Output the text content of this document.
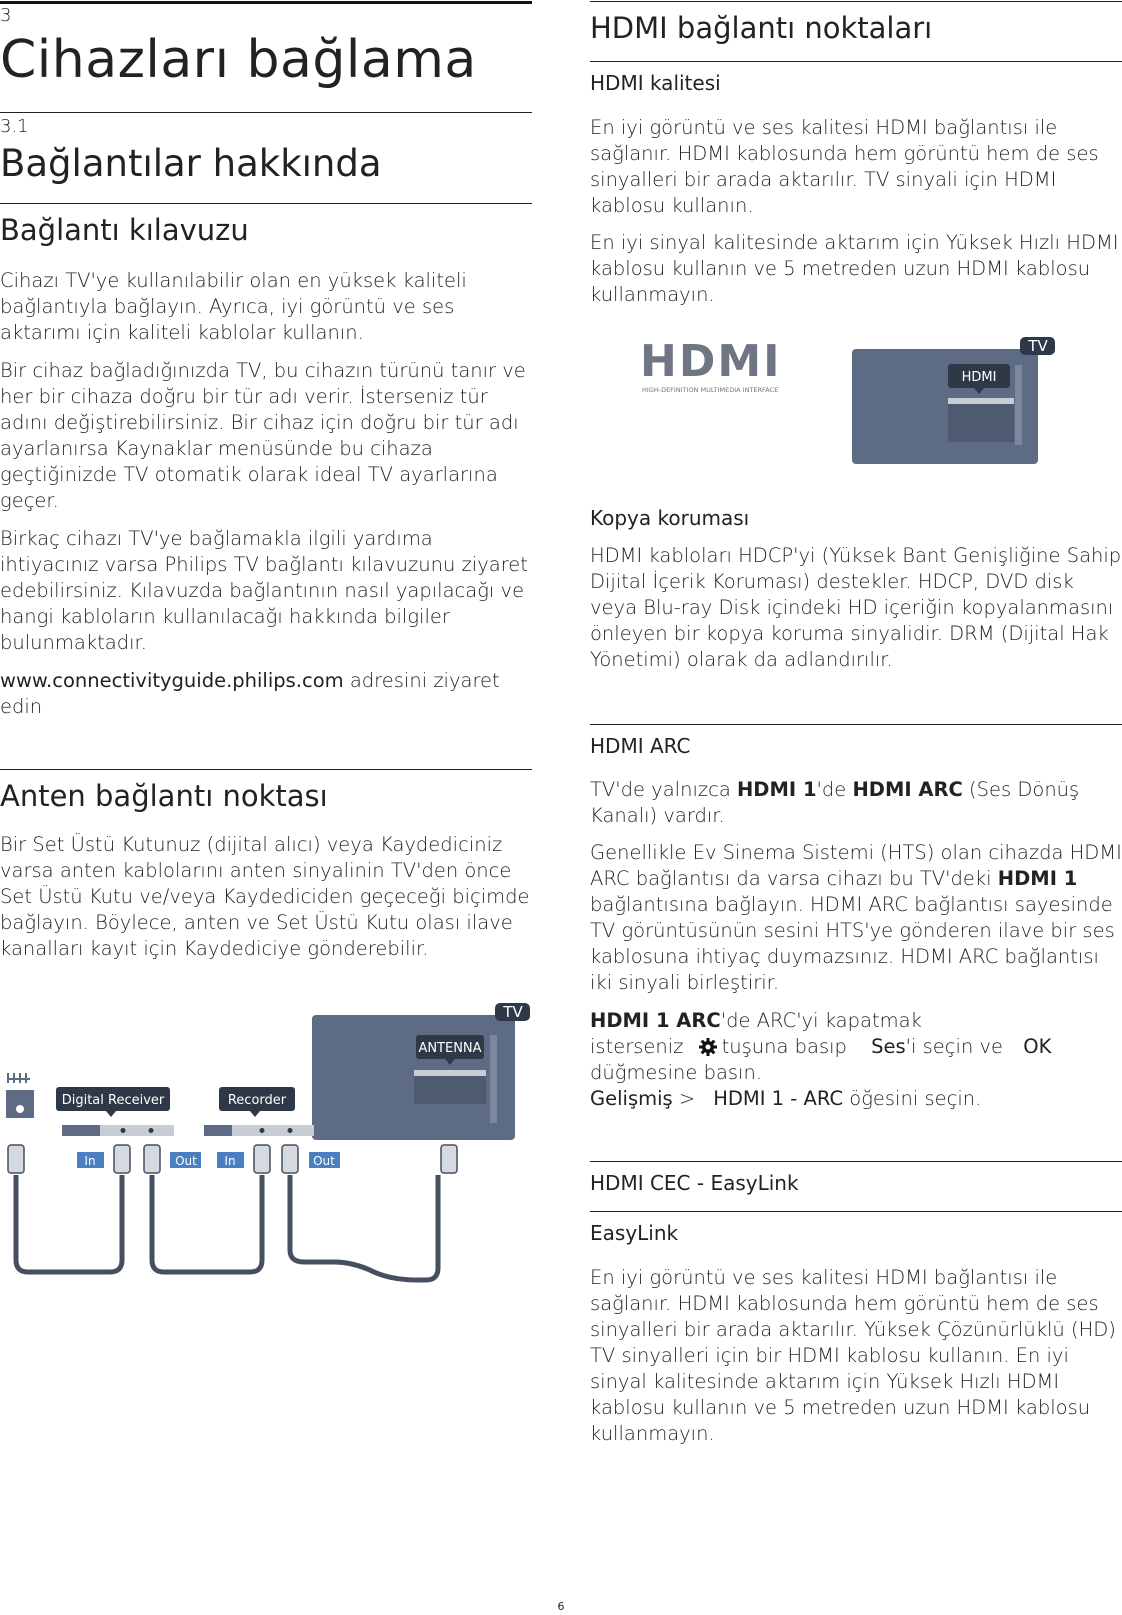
3
Cihazları bağlama
3.1
Bağlantılar hakkında
Bağlantı kılavuzu

Cihazı TV'ye kullanılabilir olan en yüksek kaliteli bağlantıyla bağlayın. Ayrıca, iyi görüntü ve ses aktarımı için kaliteli kablolar kullanın.

Bir cihaz bağladığınızda TV, bu cihazın türünü tanır ve her bir cihaza doğru bir tür adı verir. İsterseniz tür adını değiştirebilirsiniz. Bir cihaz için doğru bir tür adı ayarlanırsa Kaynaklar menüsünde bu cihaza geçtiğinizde TV otomatik olarak ideal TV ayarlarına geçer.

Birkaç cihazı TV'ye bağlamakla ilgili yardıma ihtiyacınız varsa Philips TV bağlantı kılavuzunu ziyaret edebilirsiniz. Kılavuzda bağlantının nasıl yapılacağı ve hangi kabloların kullanılacağı hakkında bilgiler bulunmaktadır.

www.connectivityguide.philips.com adresini ziyaret edin

Anten bağlantı noktası

Bir Set Üstü Kutunuz (dijital alıcı) veya Kaydediciniz varsa anten kablolarını anten sinyalinin TV'den önce Set Üstü Kutu ve/veya Kaydediciden geçeceği biçimde bağlayın. Böylece, anten ve Set Üstü Kutu olası ilave kanalları kayıt için Kaydediciye gönderebilir.

TV
ANTENNA
Digital Receiver	Recorder
In	Out In	Out
HDMI bağlantı noktaları
HDMI kalitesi

En iyi görüntü ve ses kalitesi HDMI bağlantısı ile sağlanır. HDMI kablosunda hem görüntü hem de ses sinyalleri bir arada aktarılır. TV sinyali için HDMI kablosu kullanın.

En iyi sinyal kalitesinde aktarım için Yüksek Hızlı HDMI kablosu kullanın ve 5 metreden uzun HDMI kablosu kullanmayın.

HDMI
HIGH-DEFINITION MULTIMEDIA INTERFACE
TV
HDMI
Kopya koruması

HDMI kabloları HDCP'yi (Yüksek Bant Genişliğine Sahip Dijital İçerik Koruması) destekler. HDCP, DVD disk veya Blu-ray Disk içindeki HD içeriğin kopyalanmasını önleyen bir kopya koruma sinyalidir. DRM (Dijital Hak Yönetimi) olarak da adlandırılır.

HDMI ARC

TV'de yalnızca HDMI 1'de HDMI ARC (Ses Dönüş Kanalı) vardır.

Genellikle Ev Sinema Sistemi (HTS) olan cihazda HDMI ARC bağlantısı da varsa cihazı bu TV'deki HDMI 1 bağlantısına bağlayın. HDMI ARC bağlantısı sayesinde TV görüntüsünün sesini HTS'ye gönderen ilave bir ses kablosuna ihtiyaç duymazsınız. HDMI ARC bağlantısı iki sinyali birleştirir.

HDMI 1 ARC'de ARC'yi kapatmak

isterseniz tuşuna basıp Ses'i seçin ve OK

düğmesine basın.

Gelişmiş > HDMI 1 - ARC öğesini seçin.

HDMI CEC - EasyLink
EasyLink

En iyi görüntü ve ses kalitesi HDMI bağlantısı ile sağlanır. HDMI kablosunda hem görüntü hem de ses sinyalleri bir arada aktarılır. Yüksek Çözünürlüklü (HD) TV sinyalleri için bir HDMI kablosu kullanın. En iyi sinyal kalitesinde aktarım için Yüksek Hızlı HDMI kablosu kullanın ve 5 metreden uzun HDMI kablosu kullanmayın.

6
